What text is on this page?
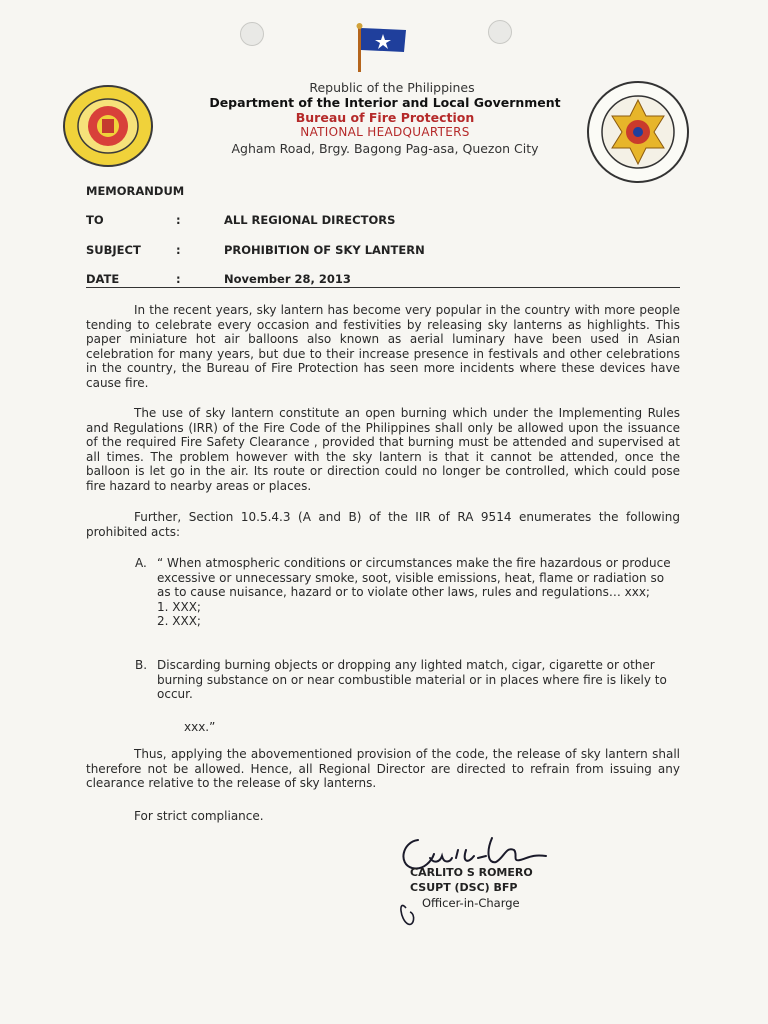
Republic of the Philippines
Department of the Interior and Local Government
Bureau of Fire Protection
NATIONAL HEADQUARTERS
Agham Road, Brgy. Bagong Pag-asa, Quezon City
MEMORANDUM
TO	:	ALL REGIONAL DIRECTORS
SUBJECT	:	PROHIBITION OF SKY LANTERN
DATE	:	November 28, 2013
In the recent years, sky lantern has become very popular in the country with more people tending to celebrate every occasion and festivities by releasing sky lanterns as highlights. This paper miniature hot air balloons also known as aerial luminary have been used in Asian celebration for many years, but due to their increase presence in festivals and other celebrations in the country, the Bureau of Fire Protection has seen more incidents where these devices have cause fire.
The use of sky lantern constitute an open burning which under the Implementing Rules and Regulations (IRR) of the Fire Code of the Philippines shall only be allowed upon the issuance of the required Fire Safety Clearance , provided that burning must be attended and supervised at all times. The problem however with the sky lantern is that it cannot be attended, once the balloon is let go in the air. Its route or direction could no longer be controlled, which could pose fire hazard to nearby areas or places.
Further, Section 10.5.4.3 (A and B) of the IIR of RA 9514 enumerates the following prohibited acts:
A. “ When atmospheric conditions or circumstances make the fire hazardous or produce excessive or unnecessary smoke, soot, visible emissions, heat, flame or radiation so as to cause nuisance, hazard or to violate other laws, rules and regulations… xxx;
1. XXX;
2. XXX;
B. Discarding burning objects or dropping any lighted match, cigar, cigarette or other burning substance on or near combustible material or in places where fire is likely to occur.
xxx.”
Thus, applying the abovementioned provision of the code, the release of sky lantern shall therefore not be allowed. Hence, all Regional Director are directed to refrain from issuing any clearance relative to the release of sky lanterns.
For strict compliance.
CARLITO S ROMERO
CSUPT (DSC) BFP
Officer-in-Charge
